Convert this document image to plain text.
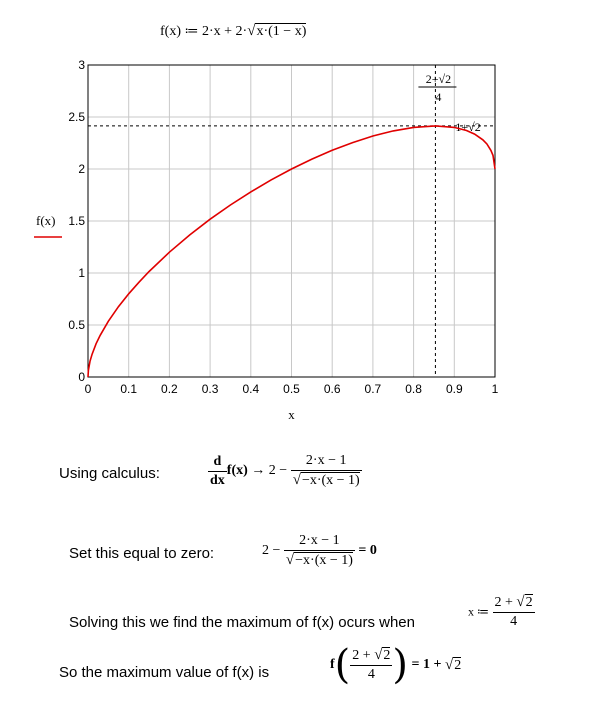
f(x) ≔ 2·x + 2·√x·(1 − x)
0 0.1 0.2 0.3 0.4 0.5 0.6 0.7 0.8 0.9 1
0
0.5
1
1.5
2
2.5
3
x
f(x)
2+√2
4
1+√2
Using calculus:	$\frac{d}{dx} f(x) \to 2 - \frac{2\cdot x - 1}{√-x\cdot(x - 1)}$
Set this equal to zero:	$2 - \frac{2\cdot x - 1}{√-x\cdot(x - 1)} = 0$
Solving this we find the maximum of f(x) ocurs when
x ≔ $\frac{2 + √2}{4}$
So the maximum value of f(x) is	$f( \frac{2 + √2}{4}$ ) = 1 + √2
